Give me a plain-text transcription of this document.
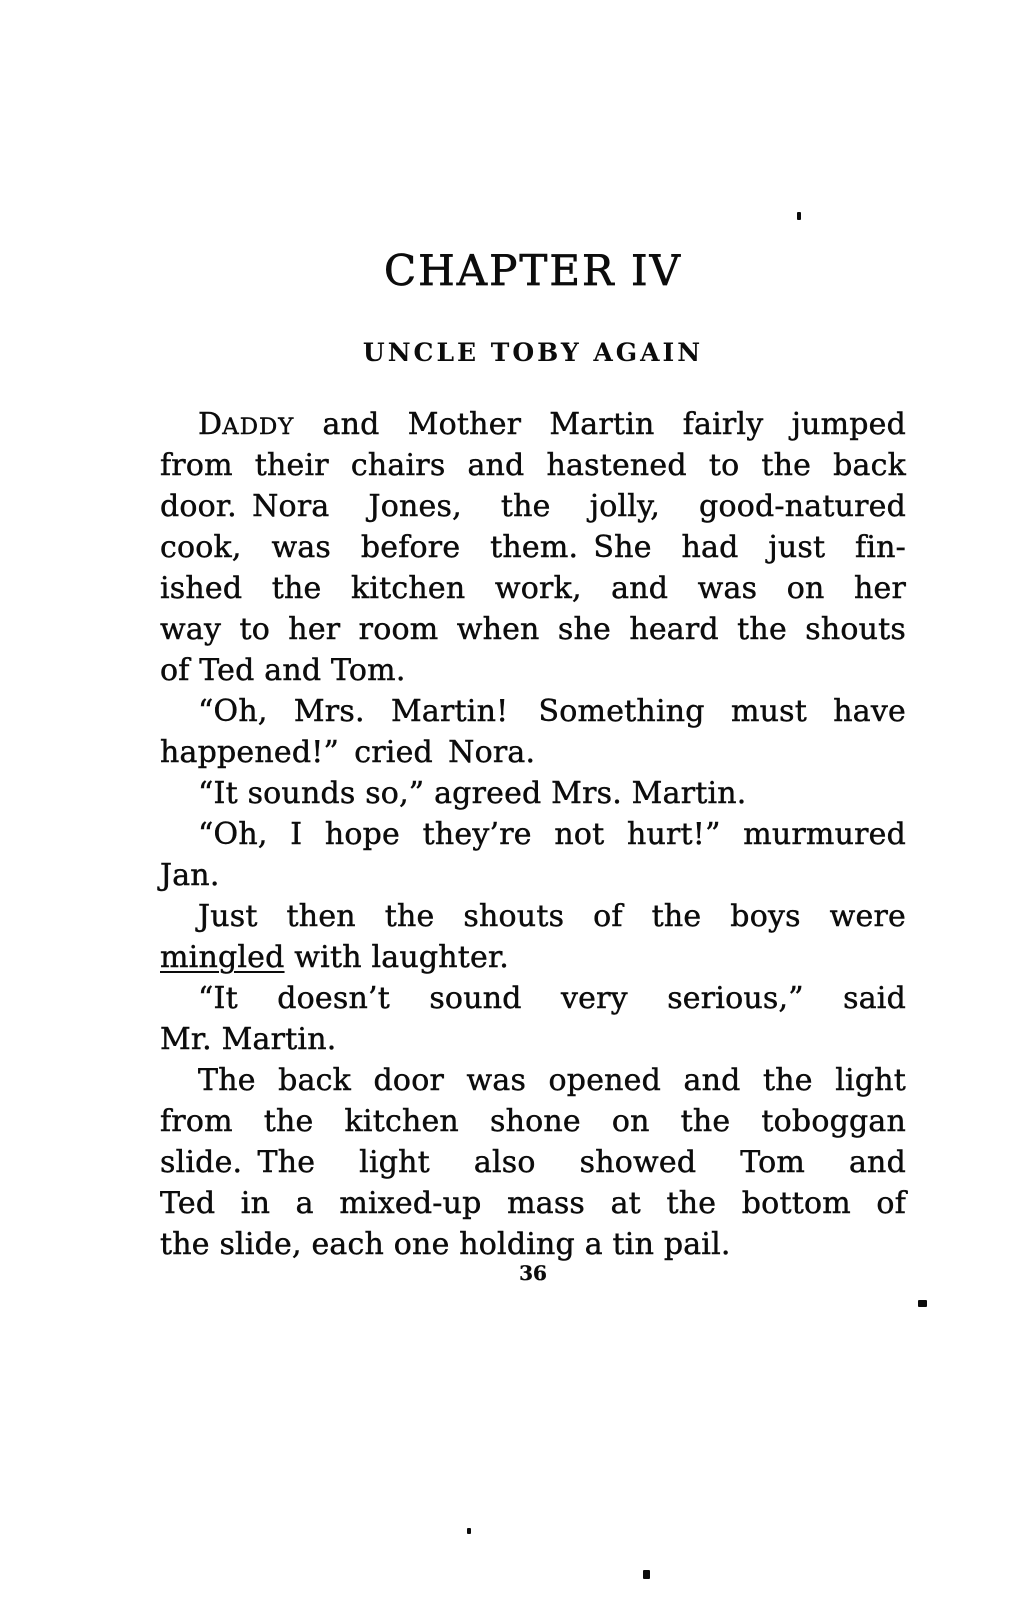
CHAPTER IV
UNCLE TOBY AGAIN
DADDY and Mother Martin fairly jumped
from their chairs and hastened to the back
door. Nora Jones, the jolly, good-natured
cook, was before them. She had just fin-
ished the kitchen work, and was on her
way to her room when she heard the shouts
of Ted and Tom.
“Oh, Mrs. Martin! Something must have
happened!” cried Nora.
“It sounds so,” agreed Mrs. Martin.
“Oh, I hope they’re not hurt!” murmured
Jan.
Just then the shouts of the boys were
mingled with laughter.
“It doesn’t sound very serious,” said
Mr. Martin.
The back door was opened and the light
from the kitchen shone on the toboggan
slide. The light also showed Tom and
Ted in a mixed-up mass at the bottom of
the slide, each one holding a tin pail.
36
